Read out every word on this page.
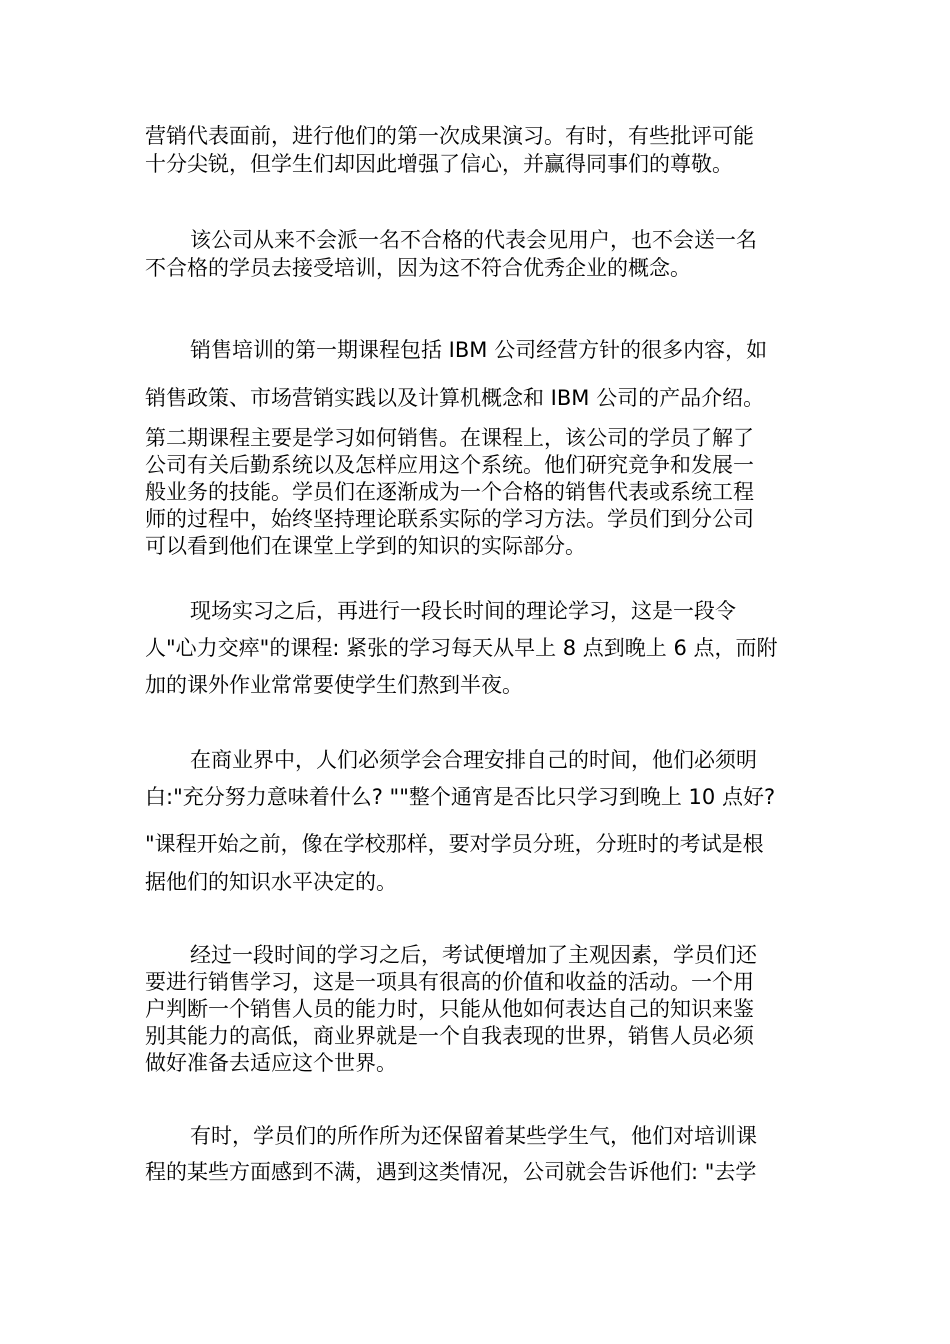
营销代表面前，进行他们的第一次成果演习。有时，有些批评可能
十分尖锐，但学生们却因此增强了信心，并赢得同事们的尊敬。
该公司从来不会派一名不合格的代表会见用户，也不会送一名
不合格的学员去接受培训，因为这不符合优秀企业的概念。
销售培训的第一期课程包括 IBM 公司经营方针的很多内容，如
销售政策、市场营销实践以及计算机概念和 IBM 公司的产品介绍。
第二期课程主要是学习如何销售。在课程上，该公司的学员了解了
公司有关后勤系统以及怎样应用这个系统。他们研究竞争和发展一
般业务的技能。学员们在逐渐成为一个合格的销售代表或系统工程
师的过程中，始终坚持理论联系实际的学习方法。学员们到分公司
可以看到他们在课堂上学到的知识的实际部分。
现场实习之后，再进行一段长时间的理论学习，这是一段令
人"心力交瘁"的课程: 紧张的学习每天从早上 8 点到晚上 6 点，而附
加的课外作业常常要使学生们熬到半夜。
在商业界中，人们必须学会合理安排自己的时间，他们必须明
白:"充分努力意味着什么? ""整个通宵是否比只学习到晚上 10 点好?
"课程开始之前，像在学校那样，要对学员分班，分班时的考试是根
据他们的知识水平决定的。
经过一段时间的学习之后，考试便增加了主观因素，学员们还
要进行销售学习，这是一项具有很高的价值和收益的活动。一个用
户判断一个销售人员的能力时，只能从他如何表达自己的知识来鉴
别其能力的高低，商业界就是一个自我表现的世界，销售人员必须
做好准备去适应这个世界。
有时，学员们的所作所为还保留着某些学生气，他们对培训课
程的某些方面感到不满，遇到这类情况，公司就会告诉他们: "去学
